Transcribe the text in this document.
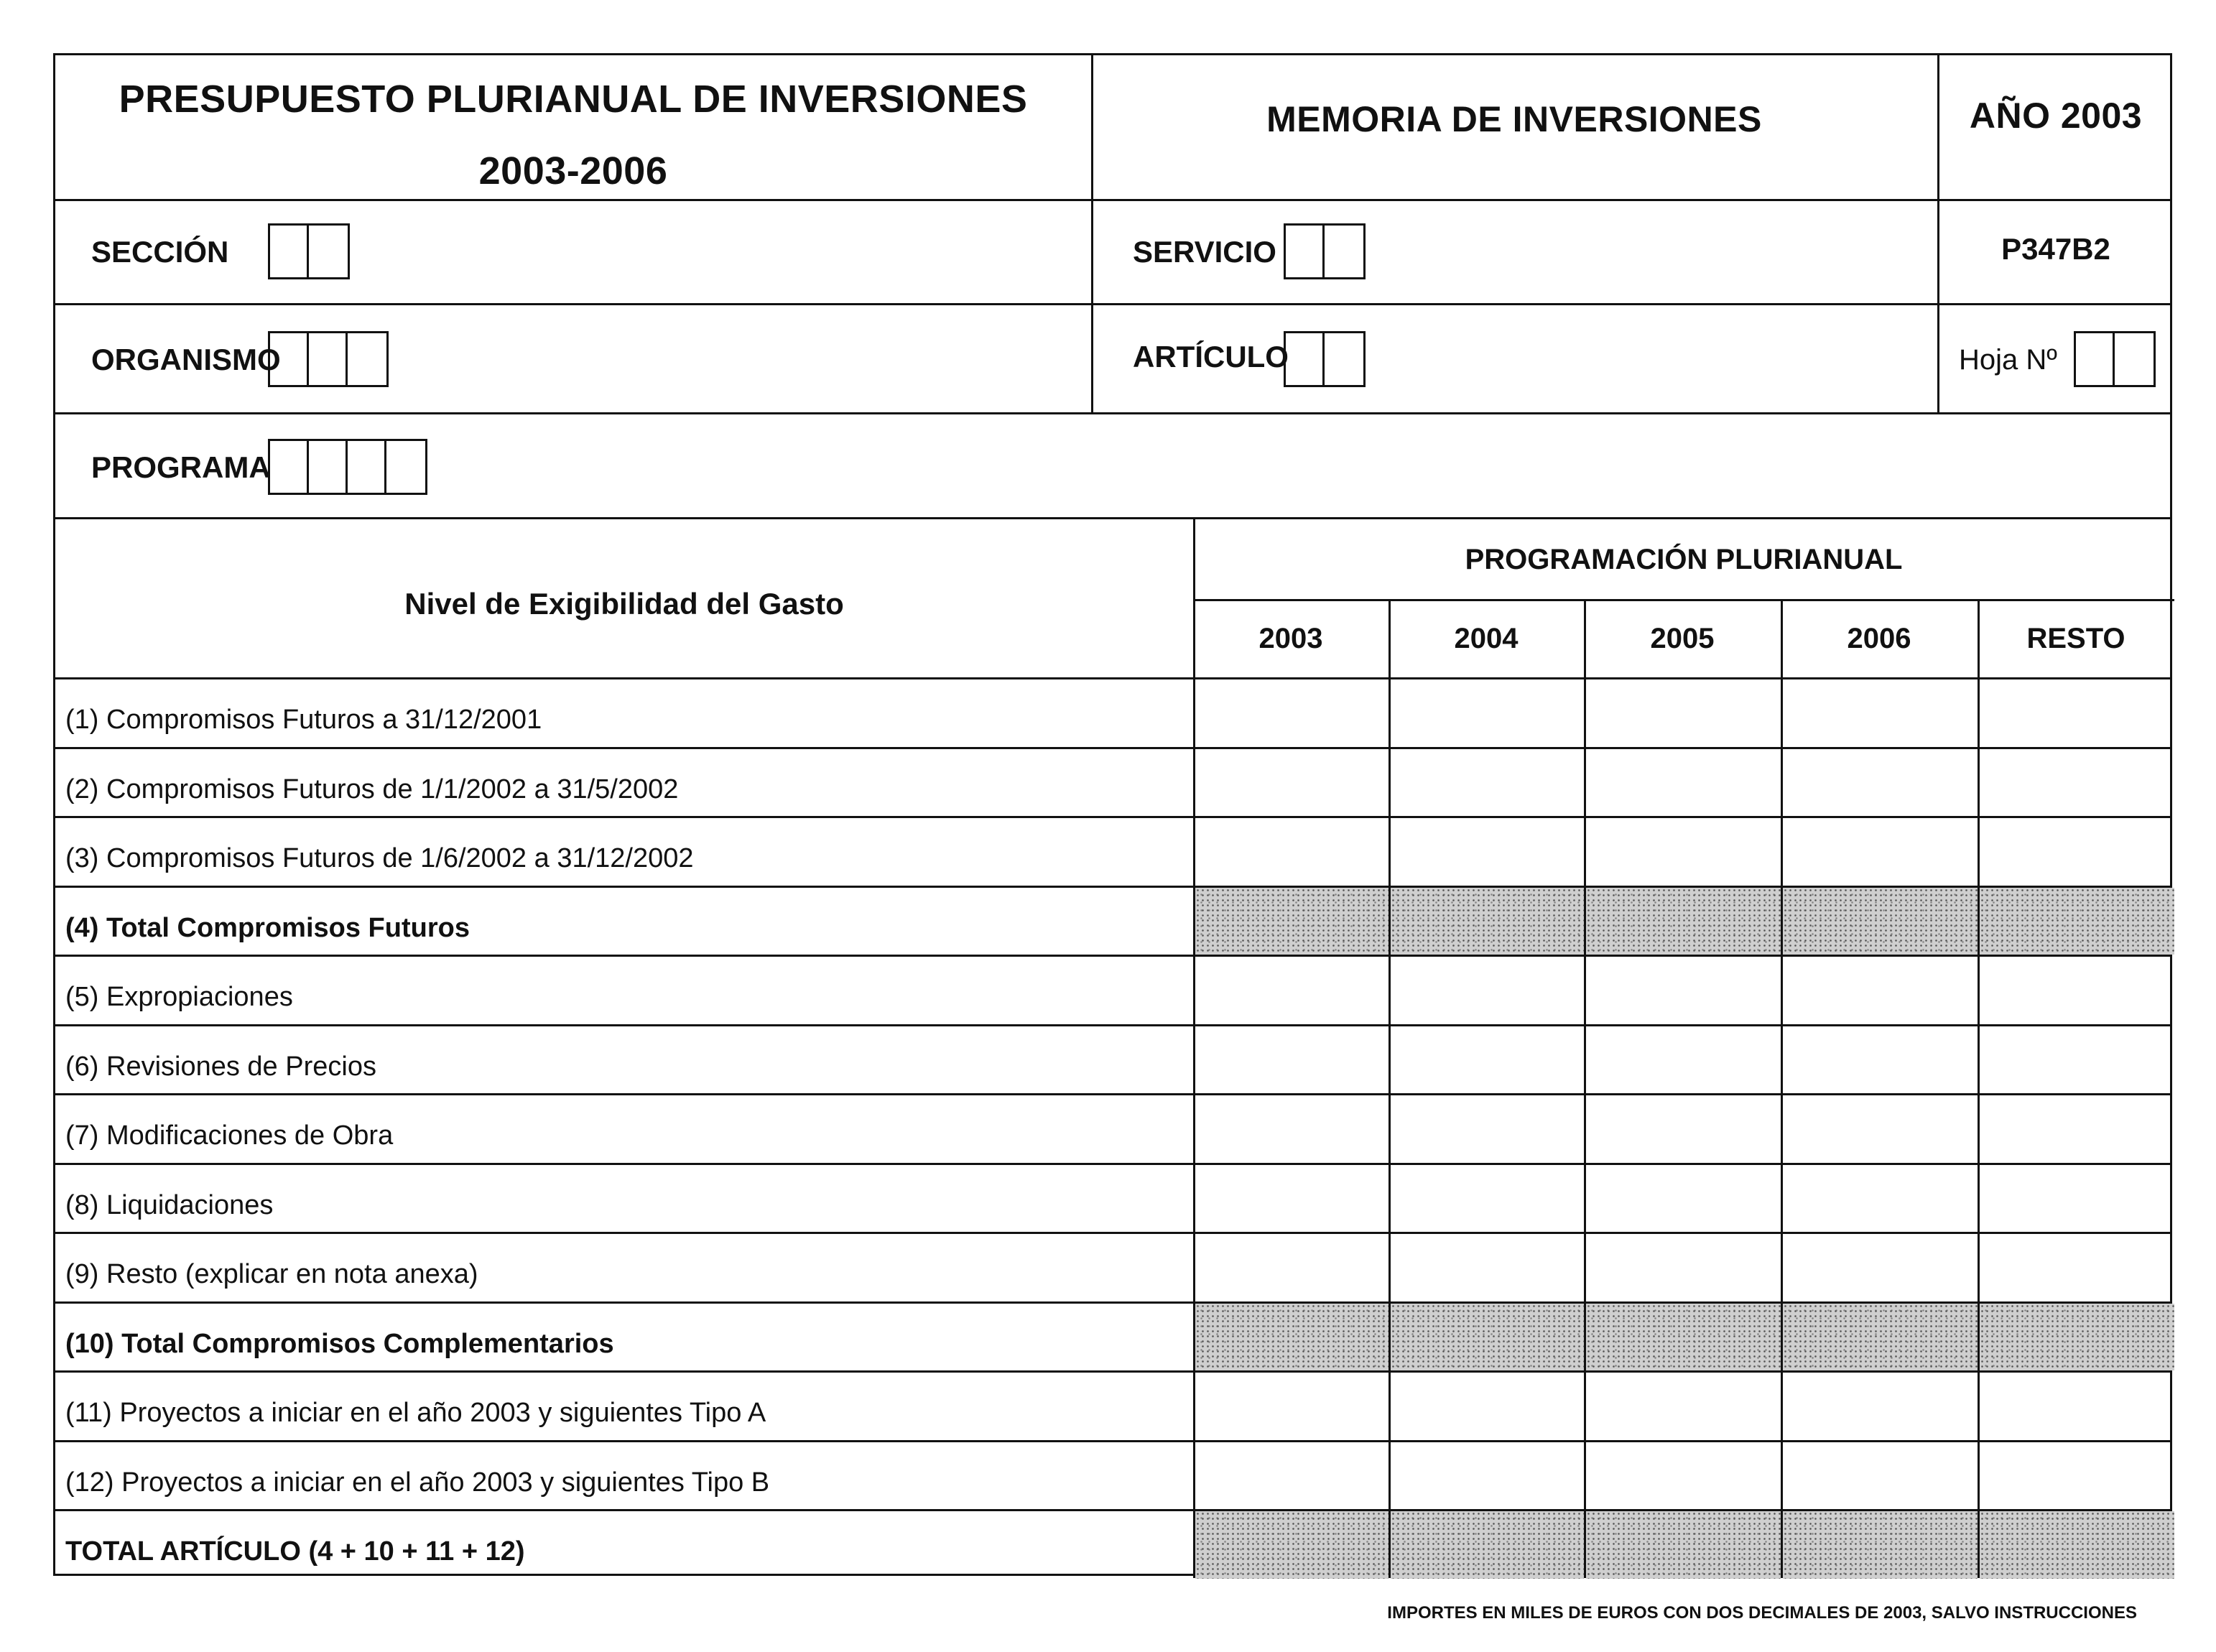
PRESUPUESTO PLURIANUAL DE INVERSIONES
2003-2006
MEMORIA DE INVERSIONES	AÑO 2003
SECCIÓN	SERVICIO	P347B2
ORGANISMO	ARTÍCULO	Hoja Nº
PROGRAMA
Nivel de Exigibilidad del Gasto
PROGRAMACIÓN PLURIANUAL
2003	2004	2005	2006	RESTO
(1) Compromisos Futuros a 31/12/2001
(2) Compromisos Futuros de 1/1/2002 a 31/5/2002
(3) Compromisos Futuros de 1/6/2002 a 31/12/2002
(4) Total Compromisos Futuros
(5) Expropiaciones
(6) Revisiones de Precios
(7) Modificaciones de Obra
(8) Liquidaciones
(9) Resto (explicar en nota anexa)
(10) Total Compromisos Complementarios
(11) Proyectos a iniciar en el año 2003 y siguientes Tipo A
(12) Proyectos a iniciar en el año 2003 y siguientes Tipo B
TOTAL ARTÍCULO (4 + 10 + 11 + 12)
IMPORTES EN MILES DE EUROS CON DOS DECIMALES DE 2003, SALVO INSTRUCCIONES
